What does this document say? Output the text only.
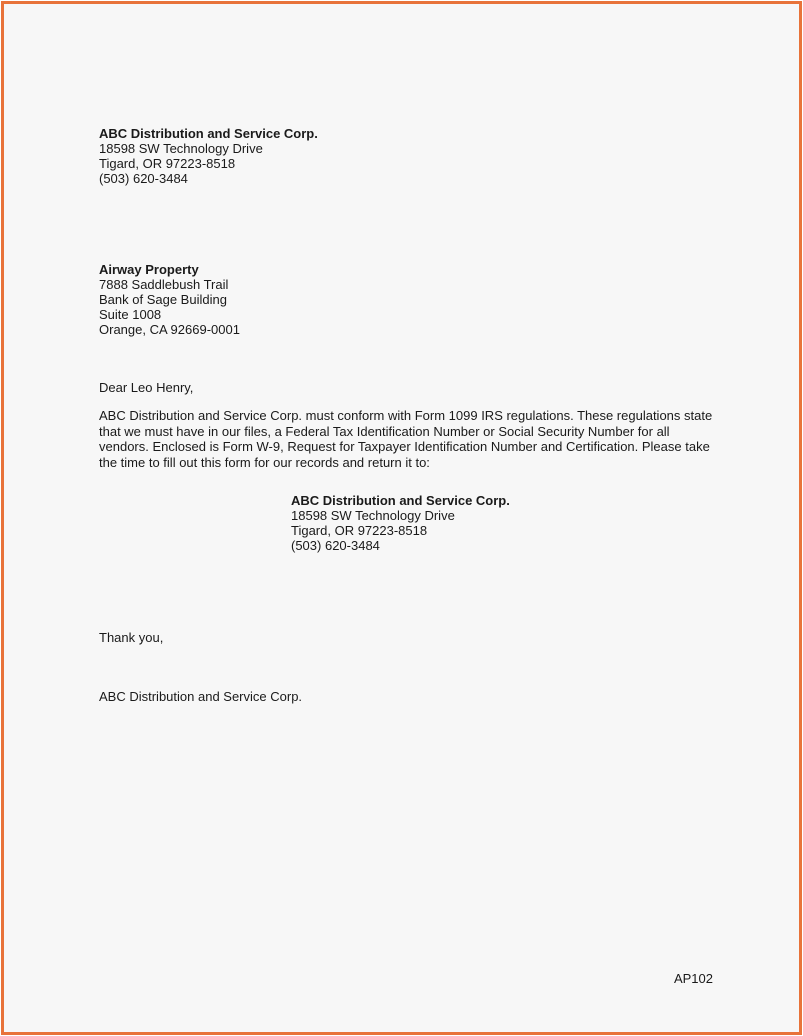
ABC Distribution and Service Corp.
18598 SW Technology Drive
Tigard, OR 97223-8518
(503) 620-3484
Airway Property
7888 Saddlebush Trail
Bank of Sage Building
Suite 1008
Orange, CA 92669-0001
Dear Leo Henry,
ABC Distribution and Service Corp. must conform with Form 1099 IRS regulations. These regulations state
that we must have in our files, a Federal Tax Identification Number or Social Security Number for all
vendors. Enclosed is Form W-9, Request for Taxpayer Identification Number and Certification. Please take
the time to fill out this form for our records and return it to:
ABC Distribution and Service Corp.
18598 SW Technology Drive
Tigard, OR 97223-8518
(503) 620-3484
Thank you,
ABC Distribution and Service Corp.
AP102
